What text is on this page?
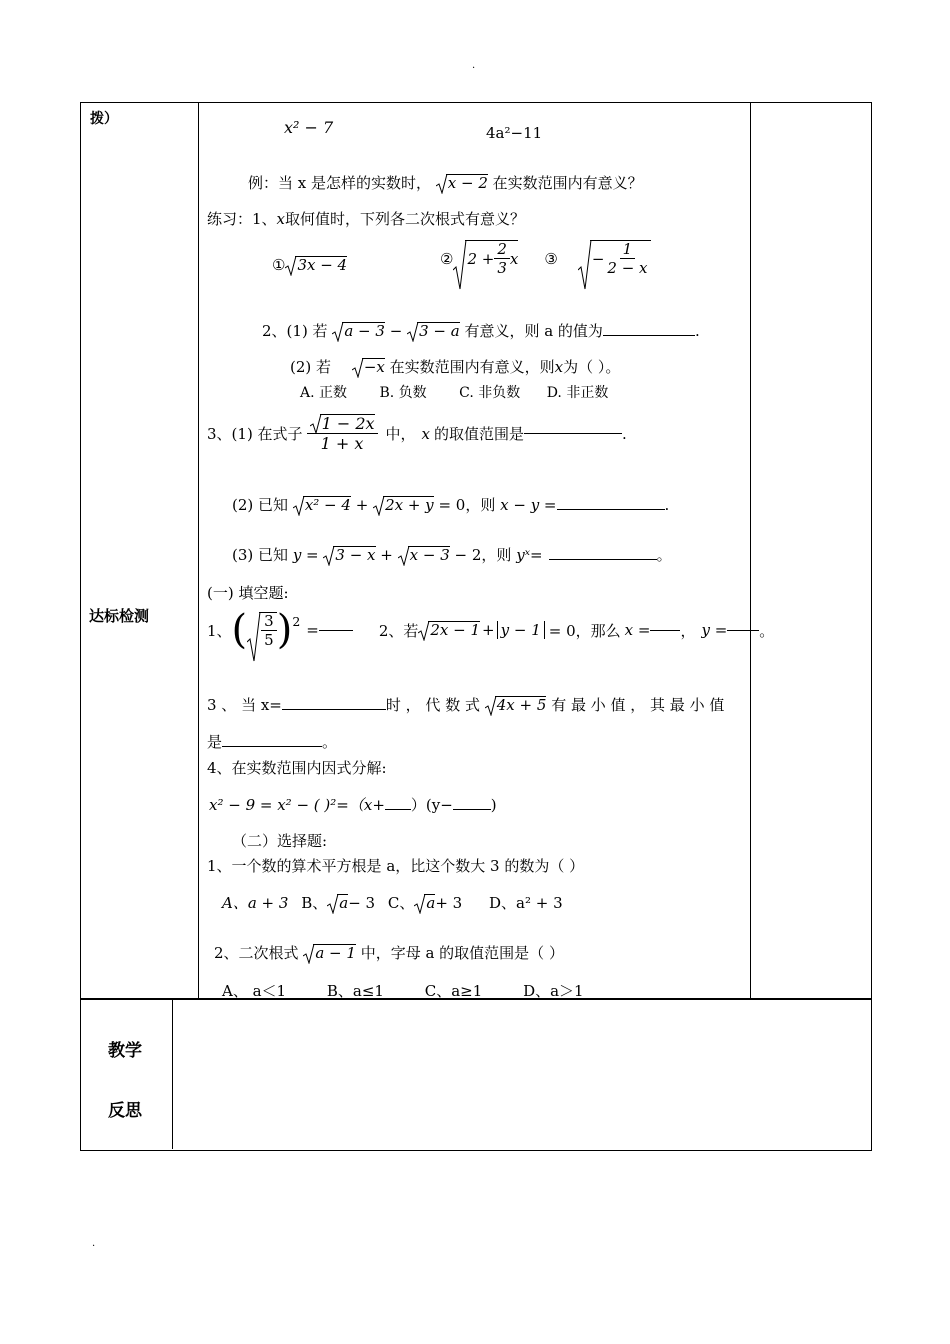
.
.
拨）
达标检测
教学
反思
x² − 7	4a²−11
例：当 x 是怎样的实数时， x − 2 在实数范围内有意义？
练习：1、x取何值时，下列各二次根式有意义？
① 3x − 4	② $2 + \frac{2}{3}$ x ③ − $\frac{1}{2 - x}$
2、(1) 若 a − 3 − 3 − a 有意义，则 a 的值为	.
(2) 若 −x 在实数范围内有意义，则x为（ ）。
A. 正数 B. 负数 C. 非负数 D. 非正数
3、(1) 在式子 $\frac{1 - 2x}{1 + x}$ 中， x 的取值范围是	.
(2) 已知 x² − 4 + 2x + y = 0，则 x − y =	.
(3) 已知 y = 3 − x + x − 3 − 2，则 yˣ=	。
(一) 填空题:
1、 ( $\frac{3}{5} )^2$ =	2、若 2x − 1 + y − 1 = 0，那么 x = ， y = 。
3 、 当 x=	时 ， 代 数 式 4x + 5 有 最 小 值 ， 其 最 小 值
是	。
4、在实数范围内因式分解:
x² − 9 = x² − ( )²=（x+ ）(y−	)
（二）选择题:
1、一个数的算术平方根是 a，比这个数大 3 的数为（ ）
A、a + 3 B、 a− 3 C、 a+ 3 D、a² + 3
2、二次根式 a − 1 中，字母 a 的取值范围是（ ）
A、 a＜1	B、a≤1	C、a≥1	D、a＞1
